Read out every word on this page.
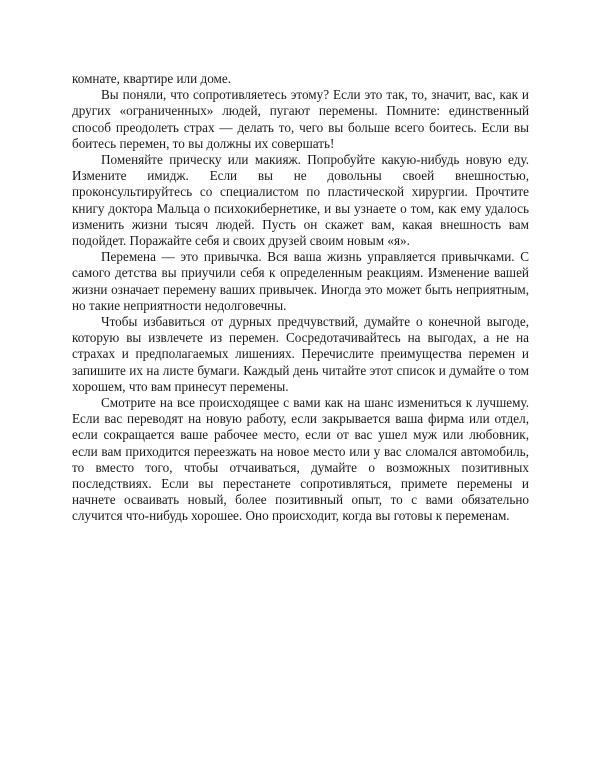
комнате, квартире или доме.

Вы поняли, что сопротивляетесь этому? Если это так, то, значит, вас, как и других «ограниченных» людей, пугают перемены. Помните: единственный способ преодолеть страх — делать то, чего вы больше всего боитесь. Если вы боитесь перемен, то вы должны их совершать!

Поменяйте прическу или макияж. Попробуйте какую-нибудь новую еду. Измените имидж. Если вы не довольны своей внешностью, проконсультируйтесь со специалистом по пластической хирургии. Прочтите книгу доктора Мальца о психокибернетике, и вы узнаете о том, как ему удалось изменить жизни тысяч людей. Пусть он скажет вам, какая внешность вам подойдет. Поражайте себя и своих друзей своим новым «я».

Перемена — это привычка. Вся ваша жизнь управляется привычками. С самого детства вы приучили себя к определенным реакциям. Изменение вашей жизни означает перемену ваших привычек. Иногда это может быть неприятным, но такие неприятности недолговечны.

Чтобы избавиться от дурных предчувствий, думайте о конечной выгоде, которую вы извлечете из перемен. Сосредотачивайтесь на выгодах, а не на страхах и предполагаемых лишениях. Перечислите преимущества перемен и запишите их на листе бумаги. Каждый день читайте этот список и думайте о том хорошем, что вам принесут перемены.

Смотрите на все происходящее с вами как на шанс измениться к лучшему. Если вас переводят на новую работу, если закрывается ваша фирма или отдел, если сокращается ваше рабочее место, если от вас ушел муж или любовник, если вам приходится переезжать на новое место или у вас сломался автомобиль, то вместо того, чтобы отчаиваться, думайте о возможных позитивных последствиях. Если вы перестанете сопротивляться, примете перемены и начнете осваивать новый, более позитивный опыт, то с вами обязательно случится что-нибудь хорошее. Оно происходит, когда вы готовы к переменам.
